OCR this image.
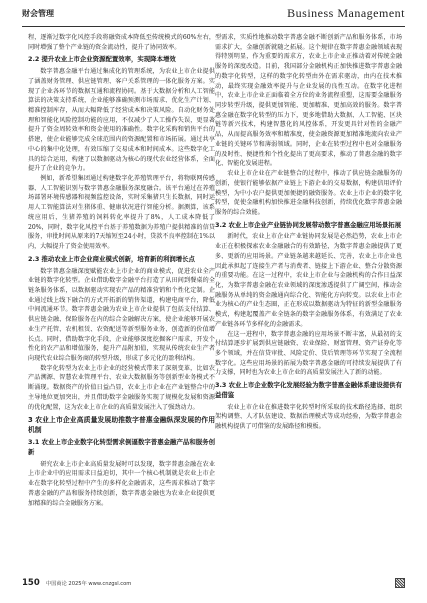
财会管理	Business Management

程，逐渐过数字化风控手段将融资成本降低至传统模式的60%左右，同时增强了整个产业链的资金流动性，提升了协同效率。

2.2 提升农业上市企业资源配置效率，实现降本增效

数字普惠金融平台通过集成化的管理系统，为农业上市企业提供了涵盖财务管理、供应链管理、客户关系管理的一体化服务方案。实现了企业各环节的数据互通和流程协同。基于大数据分析和人工智能算法的决策支持系统，企业能够准确预测市场需求、优化生产计划、精准控制库存，从而大幅降低了经营成本和决策风险。自动化财务处理和智能化风险控制功能的应用，不仅减少了人工操作失误，更显著提升了资金周转效率和资金使用的准确性。数字化采购和销售平台的搭建，使企业能够完成全球范围内的资源配置和市场拓展。通过共享中心的集中化处理，有效压缩了交易成本和时间成本。这些数字化工具的综合运用，构建了以数据驱动为核心的现代农业经营体系，全面提升了企业的竞争力。

例如，新希望集团通过构建数字化养殖管理平台，将物联网传感器、人工智能识别与数字普惠金融服务深度融合。该平台通过在养殖场部署环境传感器和视频监控设备，实时采集猪只生长数据，同时运用人工智能算法对生猪体重、健康状况进行智能分析。据测算，该系统应用后，生猪养殖的饲料转化率提升了8%，人工成本降低了20%，同时，数字化风控平台基于养殖数据为养殖户提供精准的信贷服务，审批时间从原来的7天缩短至24小时，贷款不良率控制在1%以内，大幅提升了资金使用效率。

2.3 推动农业上市企业商业模式创新，培育新的利润增长点

数字普惠金融深度赋能农业上市企业的商业模式，促进农业全产业链的数字化转型。企业借助数字金融平台打造了从田间到餐桌的全链条服务体系，以数据驱动实现农产品的精准营销和个性化定制。企业通过线上线下融合的方式开拓新的销售渠道，构建电商平台，降低中间流通环节。数字普惠金融为农业上市企业提供了包括支付结算、供应链金融、保险服务在内的综合金融解决方案，使企业能够开展农业生产托管、农机租赁、农资配送等新型服务业务，创造新的价值增长点。同时，借助数字化手段，企业能够深度挖掘客户需求，开发个性化的农产品和增值服务，提升产品附加值，实现从传统农业生产者向现代农业综合服务商的转型升级，形成了多元化的盈利结构。

数字化转型为农业上市企业的经营模式带来了深刻变革，比如农产品溯源、智慧农业管理平台、农业大数据服务等创新型业务模式不断涌现。数据资产的价值日益凸显，农业上市企业在产业链整合中的主导地位更加突出，并且借助数字金融服务实现了规模化发展和资源的优化配置，这为农业上市企业的高质量发展注入了强劲动力。

3 农业上市企业高质量发展助推数字普惠金融纵深发展的作用机制
3.1 农业上市企业数字化转型需求倒逼数字普惠金融产品和服务创新

研究农业上市企业高质量发展时可以发现，数字普惠金融在农业上市企业中的应用需求日益迫切，其中一个核心机制就是农业上市企业在数字化转型过程中产生的多样化金融需求，这些需求推动了数字普惠金融的产品和服务持续创新，数字普惠金融也为农业企业提供更加精准的综合金融服务方案。

型需求，实质性地推动数字普惠金融不断创新产品和服务体系，市场需求扩大，金融创新就随之拓展。这个规律在数字普惠金融领域表现得特别明显，作为重要的需求方，农业上市企业正推动着对传统金融服务的深度改造。目前，我国部分金融机构正加快推进数字普惠金融的数字化转型，这样的数字化转型由外在需求驱动，由内在技术推动，最终实现金融效率提升与企业发展的良性互动。在数字化进程中，农业上市企业正面临着全方位的业务流程重塑，这需要金融服务同步转型升级，提供更加智能、更加精准、更加高效的服务。数字普惠金融在数字化转型的压力下，更多地借助大数据、人工智能、区块链等新兴技术，构建智慧化的风控体系，开发更具针对性的金融产品，从而提高服务效率和精准度，使金融资源更加精准地流向农业产业链的关键环节和薄弱领域。同时，企业在转型过程中也对金融服务的及时性、便捷性和个性化提出了更高要求，推动了普惠金融的数字化、智能化发展进程。

农业上市企业在产业链整合的过程中，推动了供应链金融服务的创新，使银行能够依据产业链上下游企业的交易数据，构建信用评价模型，为中小农户提供更加便捷的融资服务。农业上市企业的数字化转型，促使金融机构加快推进金融科技创新，持续优化数字普惠金融服务的综合效能。

3.2 农业上市企业产业链协同发展带动数字普惠金融应用场景拓展

新时代，农业上市企业产业链协同发展是必然趋势，农业上市企业正在积极探索农业金融融合的有效路径，为数字普惠金融提供了更多、更新的应用场景。产业链条越来越延长、完善，农业上市企业也因此承担起了连接生产者与消费者、链接上下游企业、整合分散资源的重要功能。在这一过程中，农业上市企业与金融机构的合作日益深化，为数字普惠金融在农业领域的深度渗透提供了广阔空间，推动金融服务从单纯的资金融通向综合化、智能化方向转变。以农业上市企业为核心的产业生态圈，正在形成以数据驱动为特征的新型金融服务模式，构建起覆盖产业全链条的数字金融服务体系，有效满足了农业产业链各环节多样化的金融需求。

在这一进程中，数字普惠金融的应用场景不断丰富，从最初的支付结算逐步扩展到供应链融资、农业保险、财富管理、资产证券化等多个领域，并在信贷审批、风险定价、贷后管理等环节实现了全流程数字化。这些应用场景的拓展为数字普惠金融的可持续发展提供了有力支撑，同时也为农业上市企业的高质量发展注入了新的动能。

3.3 农业上市企业数字化发展经验为数字普惠金融体系建设提供有益借鉴

农业上市企业在推进数字化转型时所采取的技术路径选择、组织架构调整、人才队伍建设、数据治理模式等成功经验，为数字普惠金融机构提供了可借鉴的发展路径和模板。

150 中国商论 2025年 www.cnzgsl.com
